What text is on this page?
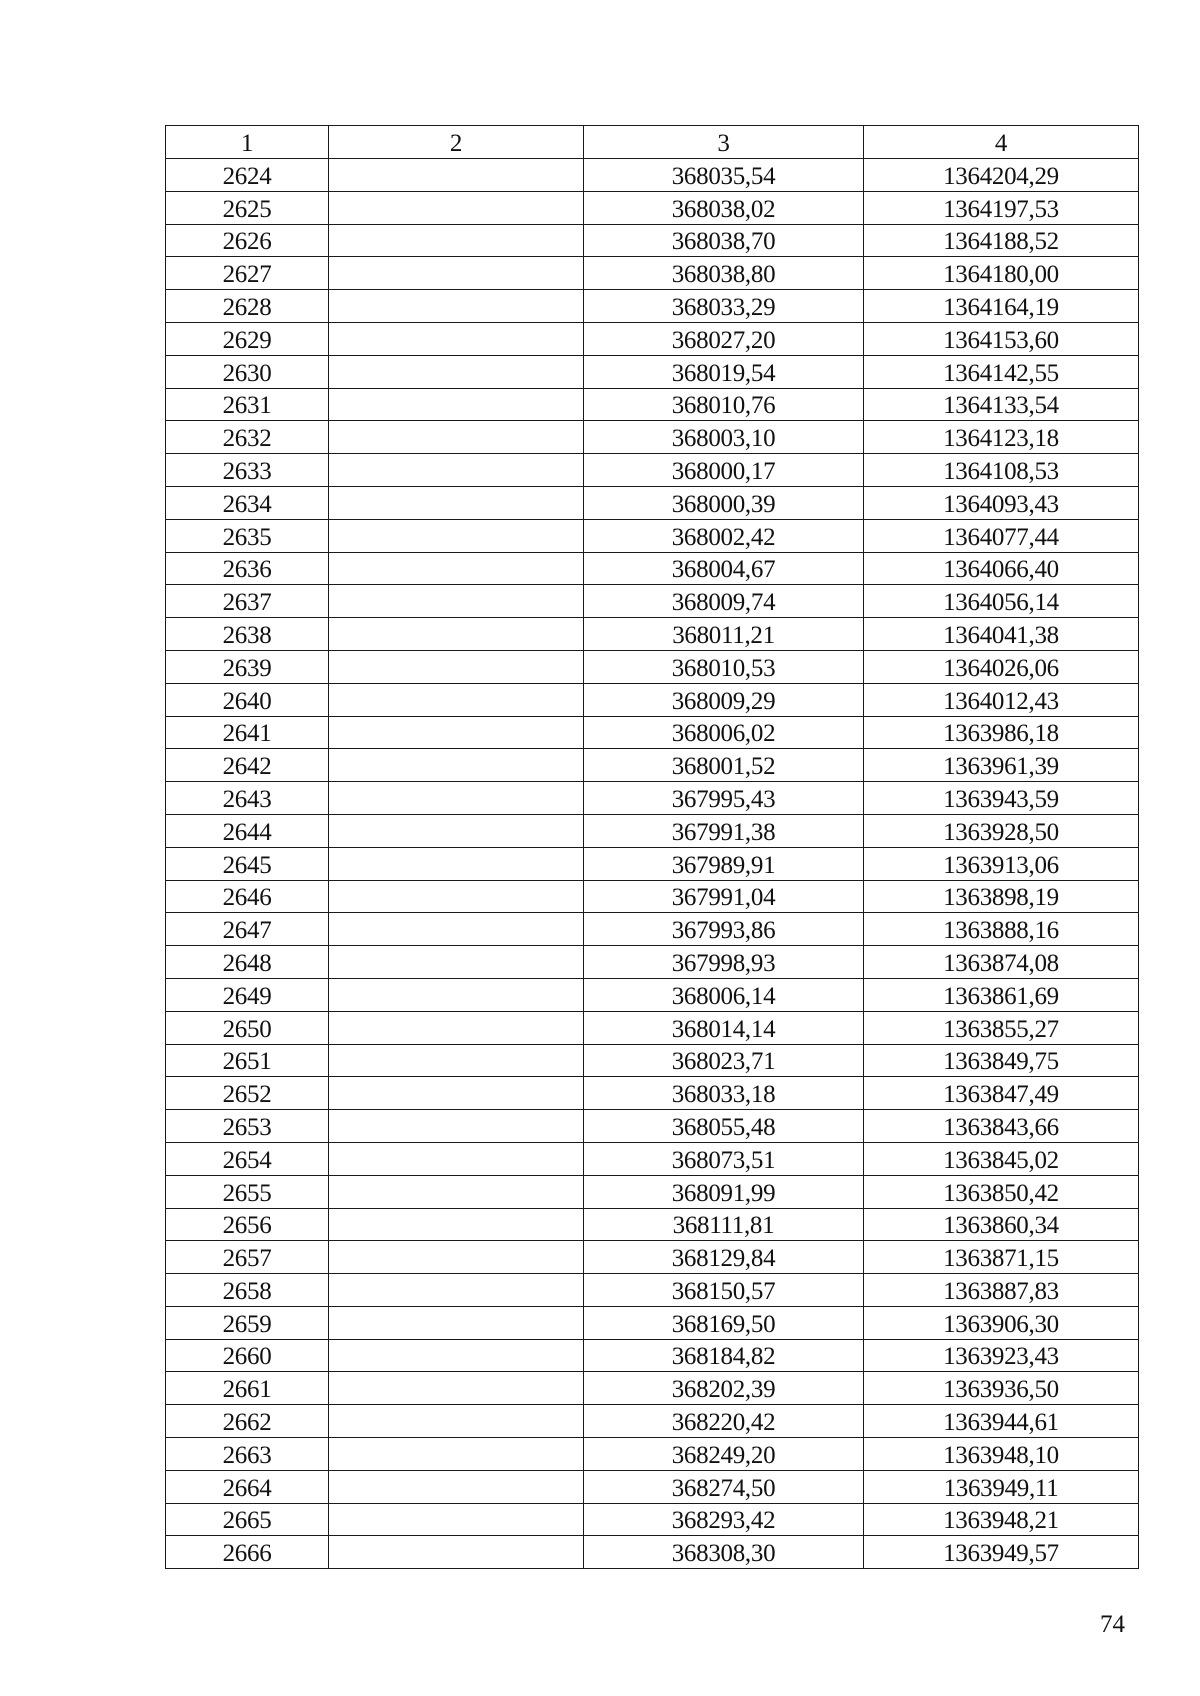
1	2	3	4
2624		368035,54	1364204,29
2625		368038,02	1364197,53
2626		368038,70	1364188,52
2627		368038,80	1364180,00
2628		368033,29	1364164,19
2629		368027,20	1364153,60
2630		368019,54	1364142,55
2631		368010,76	1364133,54
2632		368003,10	1364123,18
2633		368000,17	1364108,53
2634		368000,39	1364093,43
2635		368002,42	1364077,44
2636		368004,67	1364066,40
2637		368009,74	1364056,14
2638		368011,21	1364041,38
2639		368010,53	1364026,06
2640		368009,29	1364012,43
2641		368006,02	1363986,18
2642		368001,52	1363961,39
2643		367995,43	1363943,59
2644		367991,38	1363928,50
2645		367989,91	1363913,06
2646		367991,04	1363898,19
2647		367993,86	1363888,16
2648		367998,93	1363874,08
2649		368006,14	1363861,69
2650		368014,14	1363855,27
2651		368023,71	1363849,75
2652		368033,18	1363847,49
2653		368055,48	1363843,66
2654		368073,51	1363845,02
2655		368091,99	1363850,42
2656		368111,81	1363860,34
2657		368129,84	1363871,15
2658		368150,57	1363887,83
2659		368169,50	1363906,30
2660		368184,82	1363923,43
2661		368202,39	1363936,50
2662		368220,42	1363944,61
2663		368249,20	1363948,10
2664		368274,50	1363949,11
2665		368293,42	1363948,21
2666		368308,30	1363949,57
74
